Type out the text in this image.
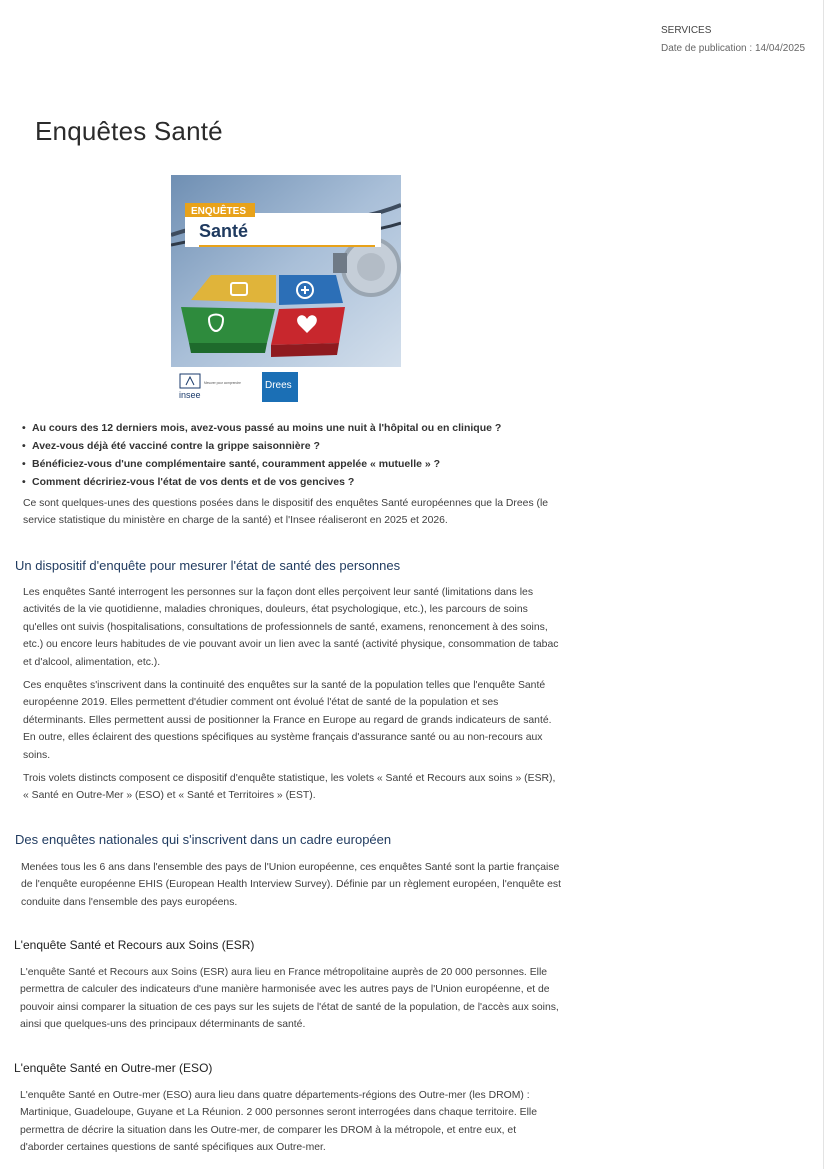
SERVICES
Date de publication : 14/04/2025
Enquêtes Santé
ENQUÊTES
Santé
insee
Mesurer pour comprendre Drees
• Au cours des 12 derniers mois, avez-vous passé au moins une nuit à l'hôpital ou en clinique ?
• Avez-vous déjà été vacciné contre la grippe saisonnière ?
• Bénéficiez-vous d'une complémentaire santé, couramment appelée « mutuelle » ?
• Comment décririez-vous l'état de vos dents et de vos gencives ?

Ce sont quelques-unes des questions posées dans le dispositif des enquêtes Santé européennes que la Drees (le service statistique du ministère en charge de la santé) et l'Insee réaliseront en 2025 et 2026.

Un dispositif d'enquête pour mesurer l'état de santé des personnes

Les enquêtes Santé interrogent les personnes sur la façon dont elles perçoivent leur santé (limitations dans les activités de la vie quotidienne, maladies chroniques, douleurs, état psychologique, etc.), les parcours de soins qu'elles ont suivis (hospitalisations, consultations de professionnels de santé, examens, renoncement à des soins, etc.) ou encore leurs habitudes de vie pouvant avoir un lien avec la santé (activité physique, consommation de tabac et d'alcool, alimentation, etc.).

Ces enquêtes s'inscrivent dans la continuité des enquêtes sur la santé de la population telles que l'enquête Santé européenne 2019. Elles permettent d'étudier comment ont évolué l'état de santé de la population et ses déterminants. Elles permettent aussi de positionner la France en Europe au regard de grands indicateurs de santé. En outre, elles éclairent des questions spécifiques au système français d'assurance santé ou au non-recours aux soins.

Trois volets distincts composent ce dispositif d'enquête statistique, les volets « Santé et Recours aux soins » (ESR), « Santé en Outre-Mer » (ESO) et « Santé et Territoires » (EST).

Des enquêtes nationales qui s'inscrivent dans un cadre européen

Menées tous les 6 ans dans l'ensemble des pays de l'Union européenne, ces enquêtes Santé sont la partie française de l'enquête européenne EHIS (European Health Interview Survey). Définie par un règlement européen, l'enquête est conduite dans l'ensemble des pays européens.

L'enquête Santé et Recours aux Soins (ESR)

L'enquête Santé et Recours aux Soins (ESR) aura lieu en France métropolitaine auprès de 20 000 personnes. Elle permettra de calculer des indicateurs d'une manière harmonisée avec les autres pays de l'Union européenne, et de pouvoir ainsi comparer la situation de ces pays sur les sujets de l'état de santé de la population, de l'accès aux soins, ainsi que quelques-uns des principaux déterminants de santé.

L'enquête Santé en Outre-mer (ESO)

L'enquête Santé en Outre-mer (ESO) aura lieu dans quatre départements-régions des Outre-mer (les DROM) : Martinique, Guadeloupe, Guyane et La Réunion. 2 000 personnes seront interrogées dans chaque territoire. Elle permettra de décrire la situation dans les Outre-mer, de comparer les DROM à la métropole, et entre eux, et d'aborder certaines questions de santé spécifiques aux Outre-mer.
